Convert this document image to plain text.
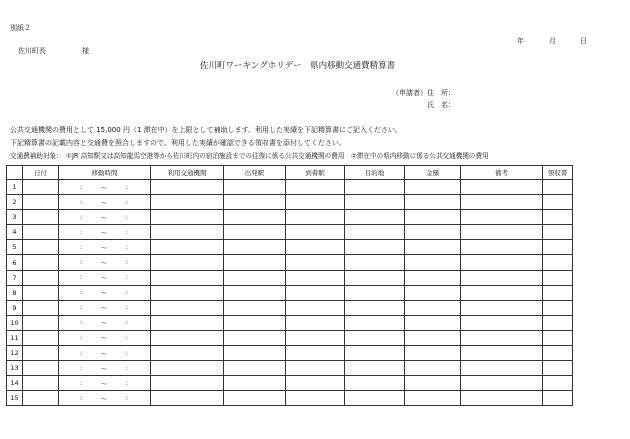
別紙２
年	月	日
佐川町長	様
佐川町ワーキングホリデー　県内移動交通費精算書
（申請者）住　所：
氏　名：
公共交通機関の費用として 15,000 円（1 滞在中）を上限として補助します。利用した実績を下記精算書にご記入ください。
下記精算書の記載内容と交通費を照合しますので、利用した実績が確認できる領収書を添付してください。
交通費補助対象：　①JR 高知駅又は高知龍馬空港等から佐川町内の宿泊施設までの往復に係る公共交通機関の費用　②滞在中の県内移動に係る公共交通機関の費用
	日付	移動時間	利用交通機関	出発駅	到着駅	目的地	金額	備考	領収書
1		: 〜 :							

2		: 〜 :							

3		: 〜 :							

4		: 〜 :							

5		: 〜 :							

6		: 〜 :							

7		: 〜 :							

8		: 〜 :							

9		: 〜 :							

10		: 〜 :							

11		: 〜 :							

12		: 〜 :							

13		: 〜 :							

14		: 〜 :							

15		: 〜 :							
